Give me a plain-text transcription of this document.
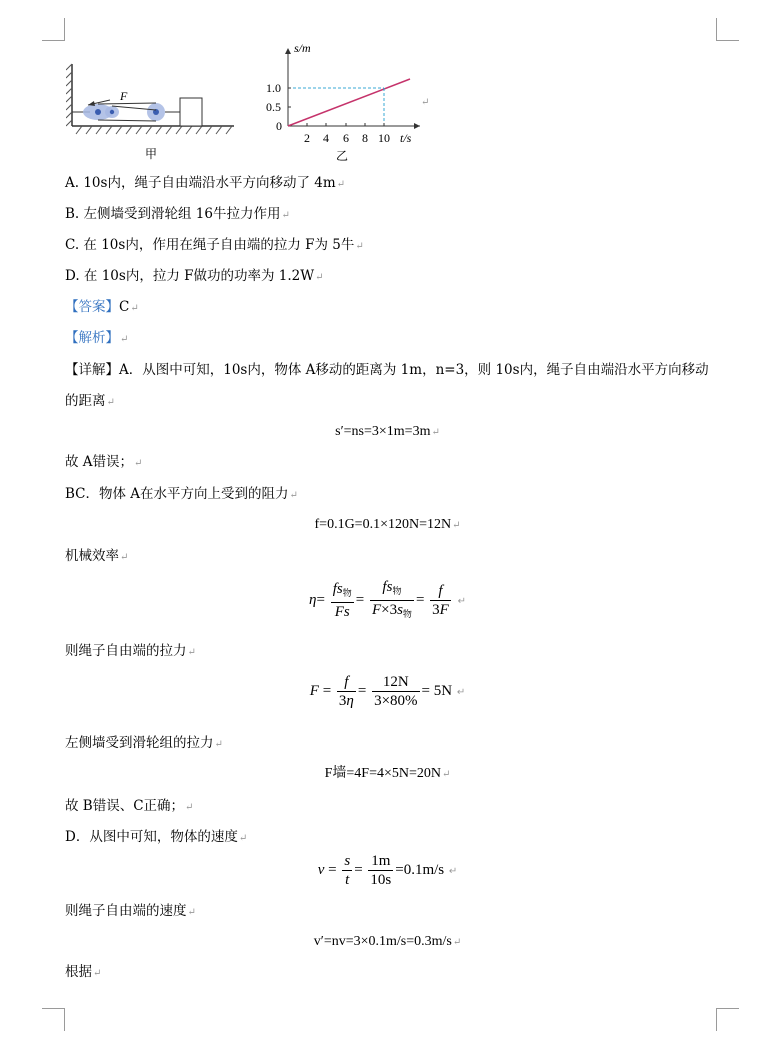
F
甲
s/m
t/s
1.0
0.5
0
2 4 6 8 10
乙
↵
A. 10s内，绳子自由端沿水平方向移动了 4m↵
B. 左侧墙受到滑轮组 16牛拉力作用↵
C. 在 10s内，作用在绳子自由端的拉力 F为 5牛↵
D. 在 10s内，拉力 F做功的功率为 1.2W↵
【答案】C↵
【解析】↵
【详解】A．从图中可知，10s内，物体 A移动的距离为 1m，n=3，则 10s内，绳子自由端沿水平方向移动
的距离↵
s′=ns=3×1m=3m↵
故 A错误；↵
BC．物体 A在水平方向上受到的阻力↵
f=0.1G=0.1×120N=12N↵
机械效率↵
$\eta= \frac{fs_物}{Fs} = \frac{fs_物}{F\times 3s_物} = \frac{f}{3F}$ ↵
则绳子自由端的拉力↵
$F = \frac{f}{3\eta} = \frac{12N}{3\times 80\%} = 5N$ ↵
左侧墙受到滑轮组的拉力↵
F墙=4F=4×5N=20N↵
故 B错误、C正确；↵
D．从图中可知，物体的速度↵
$v = \frac{s}{t} = \frac{1m}{10s} =0.1m/s$ ↵
则绳子自由端的速度↵
v′=nv=3×0.1m/s=0.3m/s↵
根据↵
